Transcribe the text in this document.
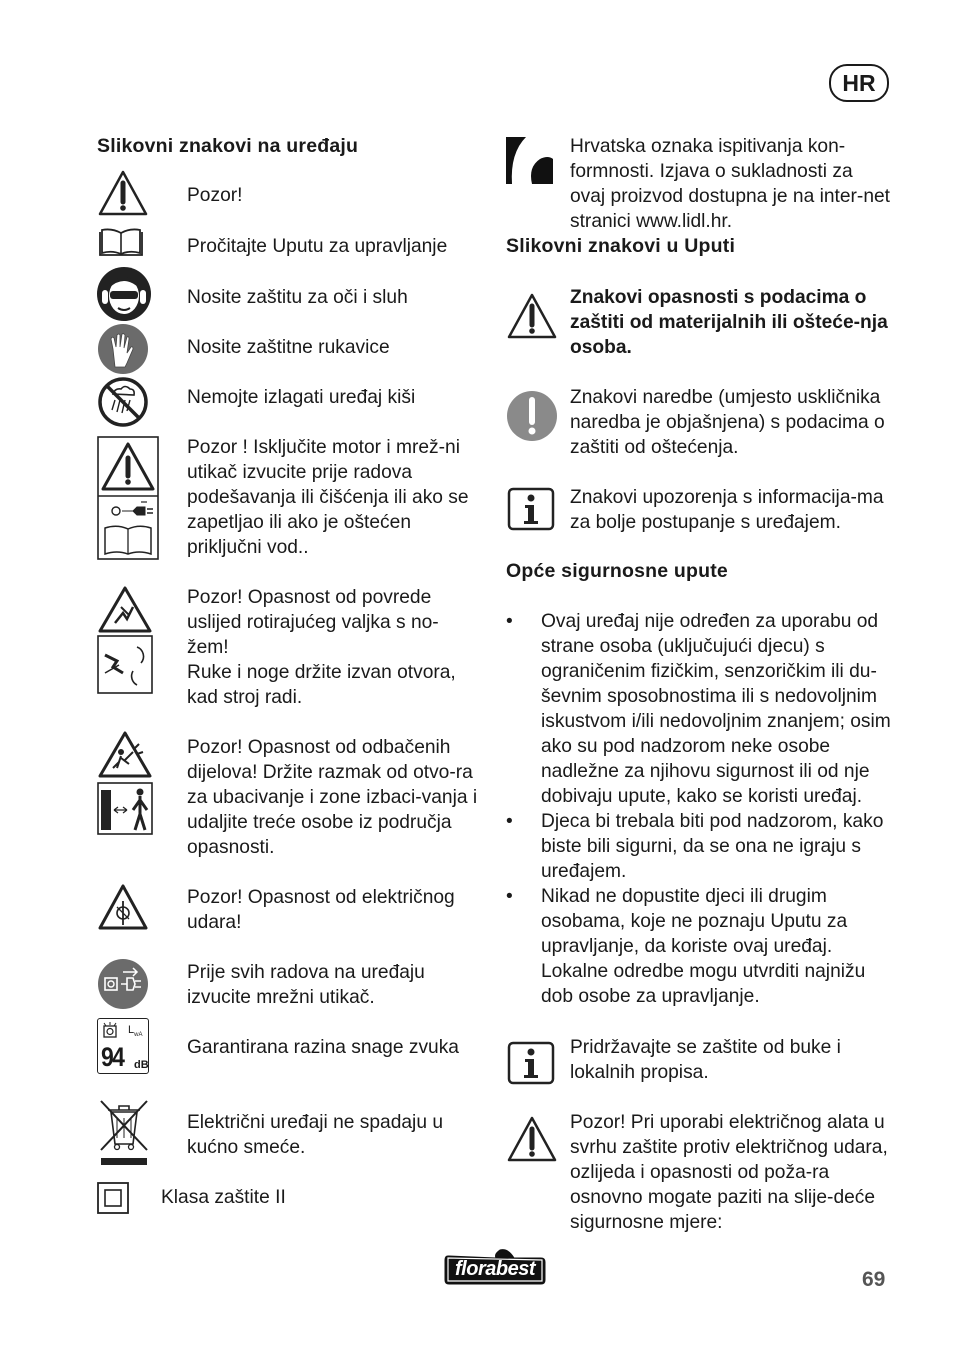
HR
Slikovni znakovi na uređaju
Pozor!
Pročitajte Uputu za upravljanje
Nosite zaštitu za oči i sluh
Nosite zaštitne rukavice
Nemojte izlagati uređaj kiši
Pozor ! Isključite motor i mrež-ni utikač izvucite prije radova podešavanja ili čišćenja ili ako se zapetljao ili ako je oštećen priključni vod..
Pozor! Opasnost od povrede uslijed rotirajućeg valjka s no-žem!
Ruke i noge držite izvan otvora, kad stroj radi.
Pozor! Opasnost od odbačenih dijelova! Držite razmak od otvo-ra za ubacivanje i zone izbaci-vanja i udaljite treće osobe iz područja opasnosti.
Pozor! Opasnost od električnog udara!
Prije svih radova na uređaju izvucite mrežni utikač.
$L_{wA}$
94 dB
Garantirana razina snage zvuka
Električni uređaji ne spadaju u kućno smeće.
Klasa zaštite II
Hrvatska oznaka ispitivanja kon-formnosti. Izjava o sukladnosti za ovaj proizvod dostupna je na inter-net stranici www.lidl.hr.
Slikovni znakovi u Uputi
Znakovi opasnosti s podacima o zaštiti od materijalnih ili ošteće-nja osoba.
Znakovi naredbe (umjesto uskličnika naredba je objašnjena) s podacima o zaštiti od oštećenja.
Znakovi upozorenja s informacija-ma za bolje postupanje s uređajem.
Opće sigurnosne upute
• Ovaj uređaj nije određen za uporabu od strane osoba (uključujući djecu) s ograničenim fizičkim, senzoričkim ili du-ševnim sposobnostima ili s nedovoljnim iskustvom i/ili nedovoljnim znanjem; osim ako su pod nadzorom neke osobe nadležne za njihovu sigurnost ili od nje dobivaju upute, kako se koristi uređaj.
• Djeca bi trebala biti pod nadzorom, kako biste bili sigurni, da se ona ne igraju s uređajem.
• Nikad ne dopustite djeci ili drugim osobama, koje ne poznaju Uputu za upravljanje, da koriste ovaj uređaj. Lokalne odredbe mogu utvrditi najnižu dob osobe za upravljanje.
Pridržavajte se zaštite od buke i lokalnih propisa.
Pozor! Pri uporabi električnog alata u svrhu zaštite protiv električnog udara, ozlijeda i opasnosti od poža-ra osnovno mogate paziti na slije-deće sigurnosne mjere:
florabest	69
